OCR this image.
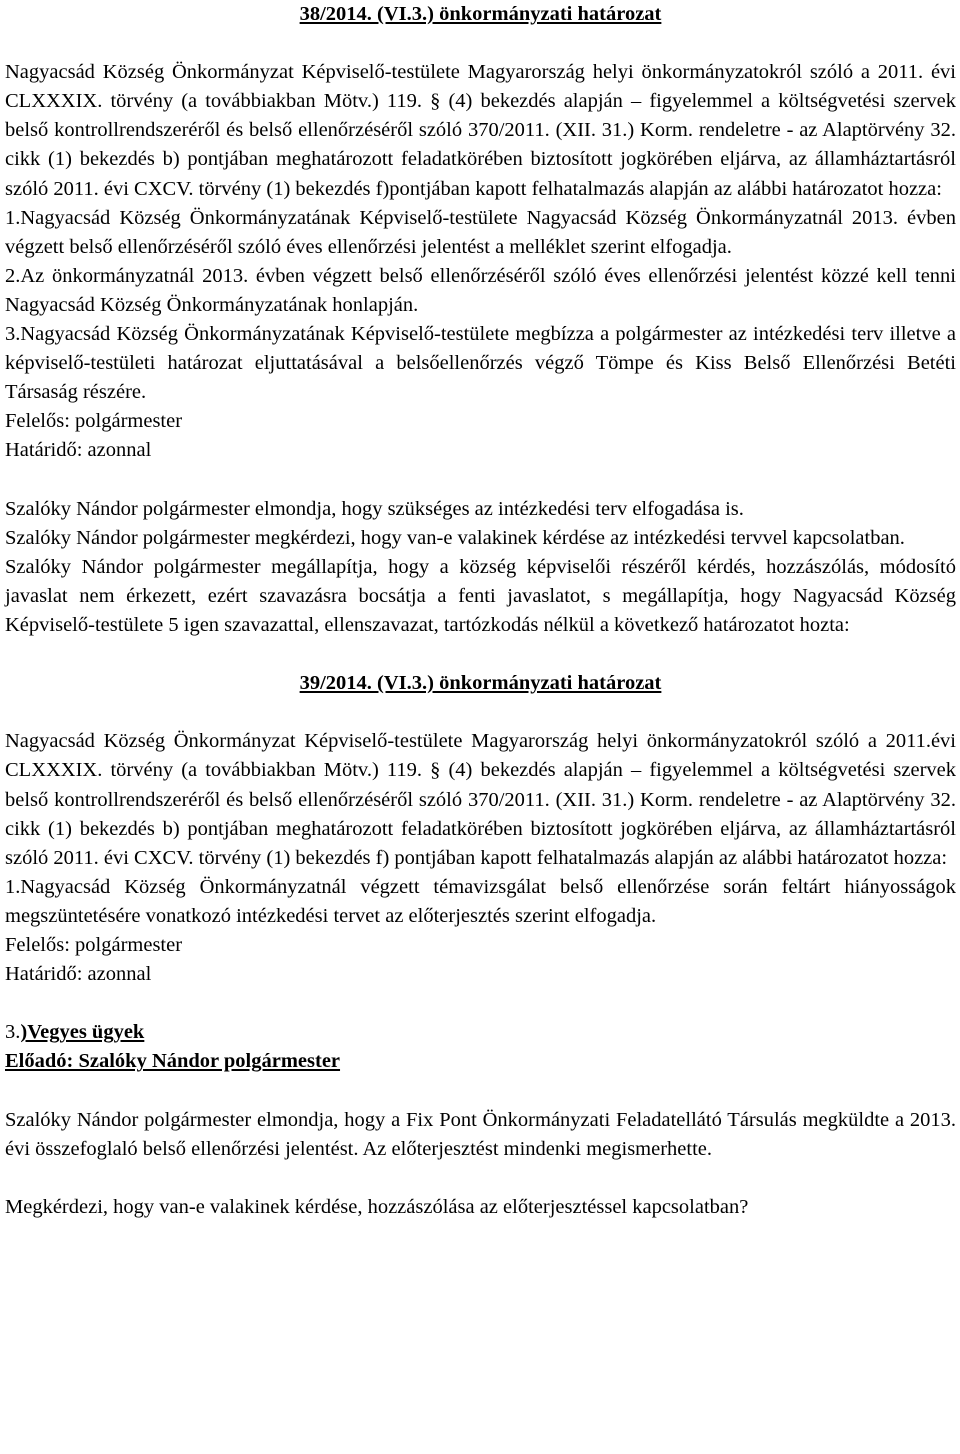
38/2014. (VI.3.) önkormányzati határozat

Nagyacsád Község Önkormányzat Képviselő-testülete Magyarország helyi önkormányzatokról szóló a 2011. évi CLXXXIX. törvény (a továbbiakban Mötv.) 119. § (4) bekezdés alapján – figyelemmel a költségvetési szervek belső kontrollrendszeréről és belső ellenőrzéséről szóló 370/2011. (XII. 31.) Korm. rendeletre - az Alaptörvény 32. cikk (1) bekezdés b) pontjában meghatározott feladatkörében biztosított jogkörében eljárva, az államháztartásról szóló 2011. évi CXCV. törvény (1) bekezdés f)pontjában kapott felhatalmazás alapján az alábbi határozatot hozza:

1.Nagyacsád Község Önkormányzatának Képviselő-testülete Nagyacsád Község Önkormányzatnál 2013. évben végzett belső ellenőrzéséről szóló éves ellenőrzési jelentést a melléklet szerint elfogadja.

2.Az önkormányzatnál 2013. évben végzett belső ellenőrzéséről szóló éves ellenőrzési jelentést közzé kell tenni Nagyacsád Község Önkormányzatának honlapján.

3.Nagyacsád Község Önkormányzatának Képviselő-testülete megbízza a polgármester az intézkedési terv illetve a képviselő-testületi határozat eljuttatásával a belsőellenőrzés végző Tömpe és Kiss Belső Ellenőrzési Betéti Társaság részére.

Felelős: polgármester

Határidő: azonnal

Szalóky Nándor polgármester elmondja, hogy szükséges az intézkedési terv elfogadása is.

Szalóky Nándor polgármester megkérdezi, hogy van-e valakinek kérdése az intézkedési tervvel kapcsolatban.

Szalóky Nándor polgármester megállapítja, hogy a község képviselői részéről kérdés, hozzászólás, módosító javaslat nem érkezett, ezért szavazásra bocsátja a fenti javaslatot, s megállapítja, hogy Nagyacsád Község Képviselő-testülete 5 igen szavazattal, ellenszavazat, tartózkodás nélkül a következő határozatot hozta:

39/2014. (VI.3.) önkormányzati határozat

Nagyacsád Község Önkormányzat Képviselő-testülete Magyarország helyi önkormányzatokról szóló a 2011.évi CLXXXIX. törvény (a továbbiakban Mötv.) 119. § (4) bekezdés alapján – figyelemmel a költségvetési szervek belső kontrollrendszeréről és belső ellenőrzéséről szóló 370/2011. (XII. 31.) Korm. rendeletre - az Alaptörvény 32. cikk (1) bekezdés b) pontjában meghatározott feladatkörében biztosított jogkörében eljárva, az államháztartásról szóló 2011. évi CXCV. törvény (1) bekezdés f) pontjában kapott felhatalmazás alapján az alábbi határozatot hozza:

1.Nagyacsád Község Önkormányzatnál végzett témavizsgálat belső ellenőrzése során feltárt hiányosságok megszüntetésére vonatkozó intézkedési tervet az előterjesztés szerint elfogadja.

Felelős: polgármester

Határidő: azonnal

3.)Vegyes ügyek

Előadó: Szalóky Nándor polgármester

Szalóky Nándor polgármester elmondja, hogy a Fix Pont Önkormányzati Feladatellátó Társulás megküldte a 2013. évi összefoglaló belső ellenőrzési jelentést. Az előterjesztést mindenki megismerhette.

Megkérdezi, hogy van-e valakinek kérdése, hozzászólása az előterjesztéssel kapcsolatban?
